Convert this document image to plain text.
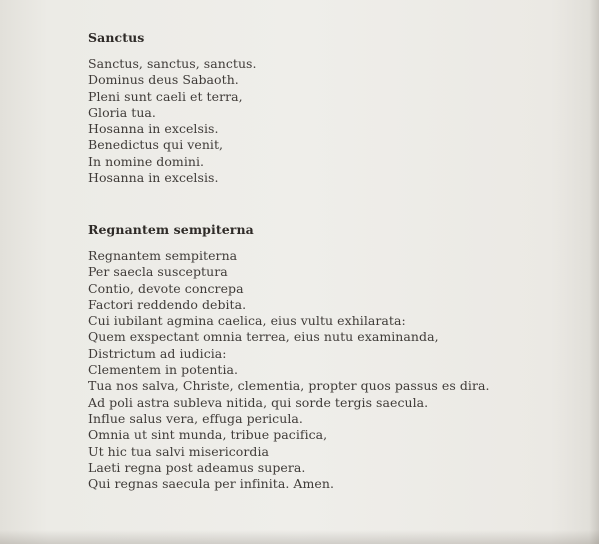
Sanctus
Sanctus, sanctus, sanctus.
Dominus deus Sabaoth.
Pleni sunt caeli et terra,
Gloria tua.
Hosanna in excelsis.
Benedictus qui venit,
In nomine domini.
Hosanna in excelsis.
Regnantem sempiterna
Regnantem sempiterna
Per saecla susceptura
Contio, devote concrepa
Factori reddendo debita.
Cui iubilant agmina caelica, eius vultu exhilarata:
Quem exspectant omnia terrea, eius nutu examinanda,
Districtum ad iudicia:
Clementem in potentia.
Tua nos salva, Christe, clementia, propter quos passus es dira.
Ad poli astra subleva nitida, qui sorde tergis saecula.
Influe salus vera, effuga pericula.
Omnia ut sint munda, tribue pacifica,
Ut hic tua salvi misericordia
Laeti regna post adeamus supera.
Qui regnas saecula per infinita. Amen.
